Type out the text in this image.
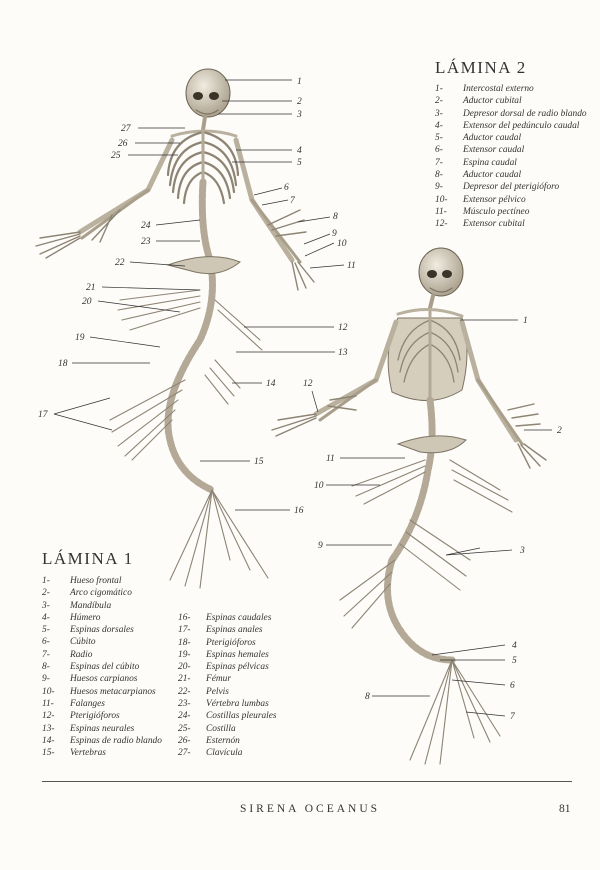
1
2
3
4
5
6
7
8
9
10
11
12
13
14
15
16
17
18
19
20
21
22
23
24
25
26
27
1
2
3
4
5
6
7
8
9
10
11
12
LÁMINA 2
1- Intercostal externo
2- Aductor cubital
3- Depresor dorsal de radio blando
4- Extensor del pedúnculo caudal
5- Aductor caudal
6- Extensor caudal
7- Espina caudal
8- Aductor caudal
9- Depresor del pterigióforo
10- Extensor pélvico
11- Músculo pectíneo
12- Extensor cubital
LÁMINA 1
1- Hueso frontal
2- Arco cigomático
3- Mandíbula
4- Húmero
5- Espinas dorsales
6- Cúbito
7- Radio
8- Espinas del cúbito
9- Huesos carpianos
10- Huesos metacarpianos
11- Falanges
12- Pterigióforos
13- Espinas neurales
14- Espinas de radio blando
15- Vertebras
16- Espinas caudales
17- Espinas anales
18- Pterigióforos
19- Espinas hemales
20- Espinas pélvicas
21- Fémur
22- Pelvis
23- Vértebra lumbas
24- Costillas pleurales
25- Costilla
26- Esternón
27- Clavícula
SIRENA OCEANUS	81
